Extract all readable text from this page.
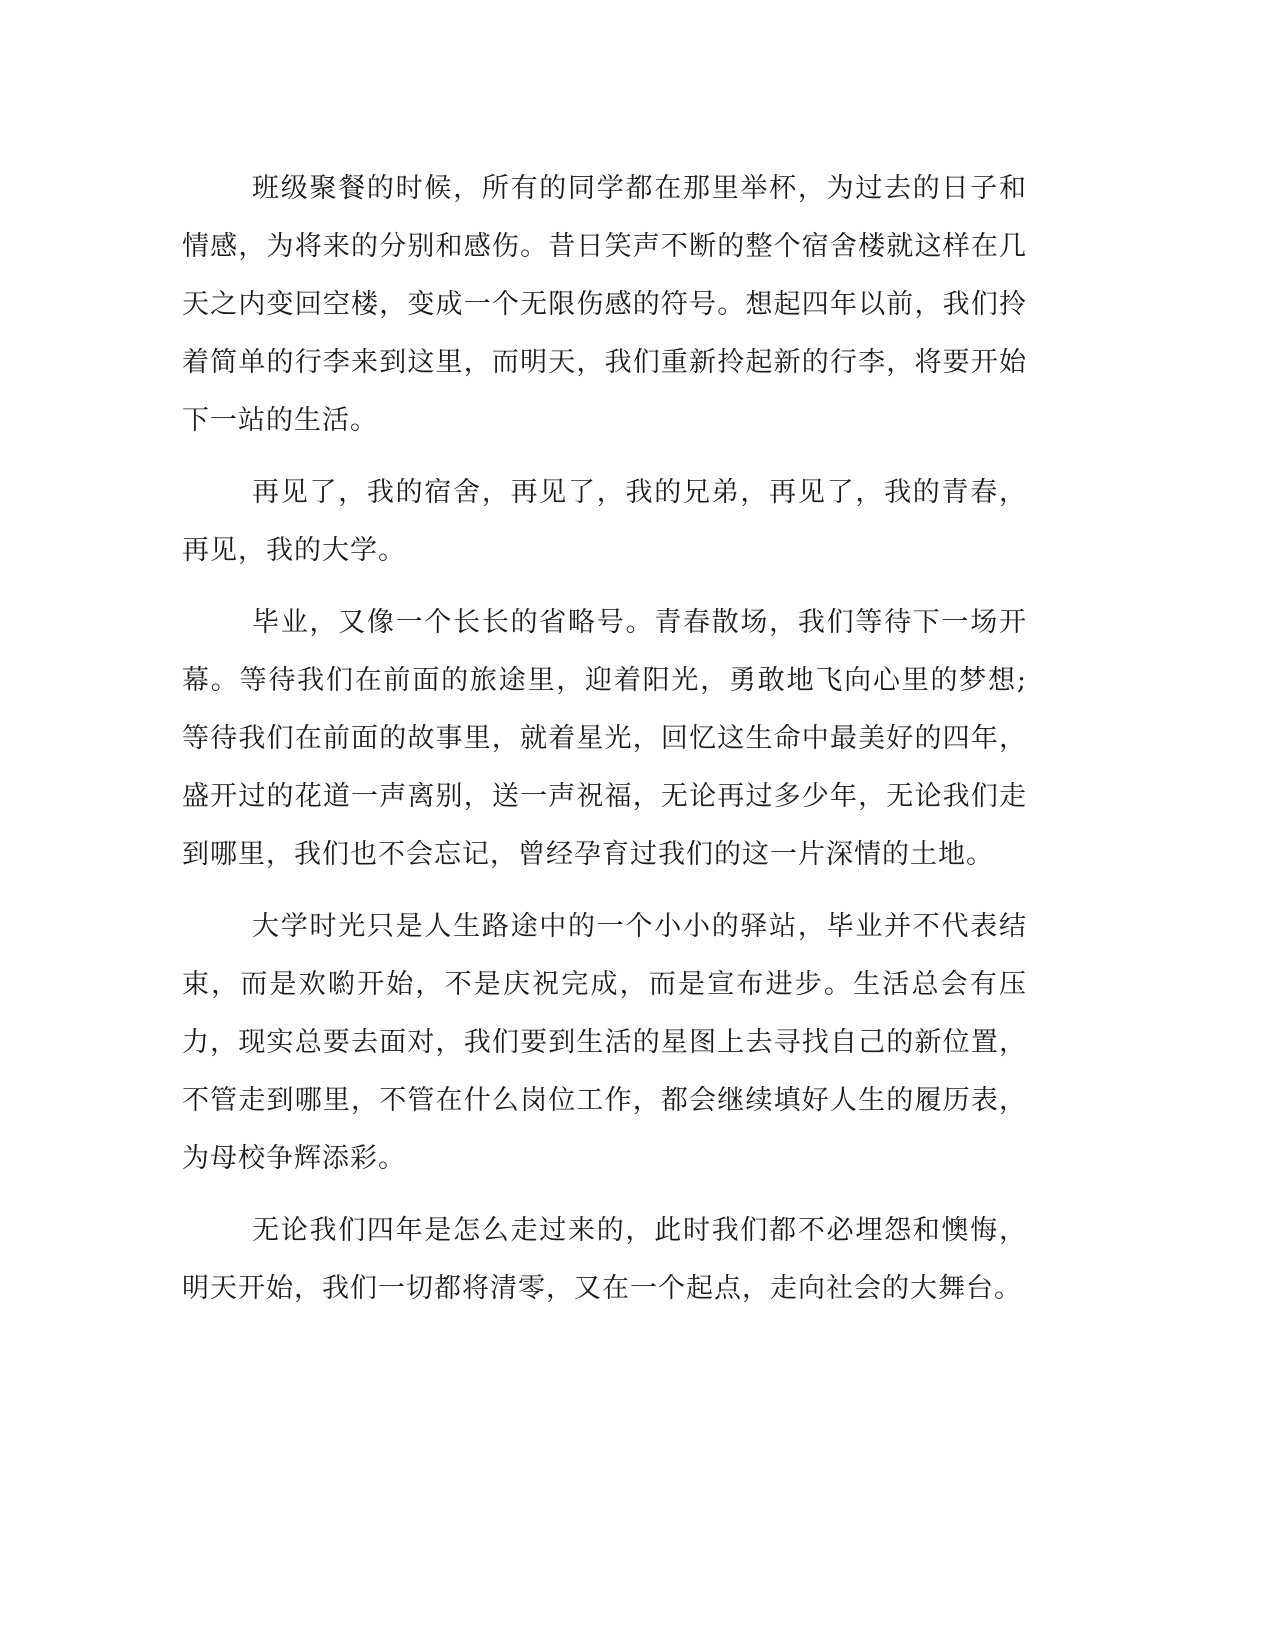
班级聚餐的时候，所有的同学都在那里举杯，为过去的日子和情感，为将来的分别和感伤。昔日笑声不断的整个宿舍楼就这样在几天之内变回空楼，变成一个无限伤感的符号。想起四年以前，我们拎着简单的行李来到这里，而明天，我们重新拎起新的行李，将要开始下一站的生活。

再见了，我的宿舍，再见了，我的兄弟，再见了，我的青春，再见，我的大学。

毕业，又像一个长长的省略号。青春散场，我们等待下一场开幕。等待我们在前面的旅途里，迎着阳光，勇敢地飞向心里的梦想;等待我们在前面的故事里，就着星光，回忆这生命中最美好的四年，盛开过的花道一声离别，送一声祝福，无论再过多少年，无论我们走到哪里，我们也不会忘记，曾经孕育过我们的这一片深情的土地。

大学时光只是人生路途中的一个小小的驿站，毕业并不代表结束，而是欢喲开始，不是庆祝完成，而是宣布进步。生活总会有压力，现实总要去面对，我们要到生活的星图上去寻找自己的新位置，不管走到哪里，不管在什么岗位工作，都会继续填好人生的履历表，为母校争辉添彩。

无论我们四年是怎么走过来的，此时我们都不必埋怨和懊悔，明天开始，我们一切都将清零，又在一个起点，走向社会的大舞台。
